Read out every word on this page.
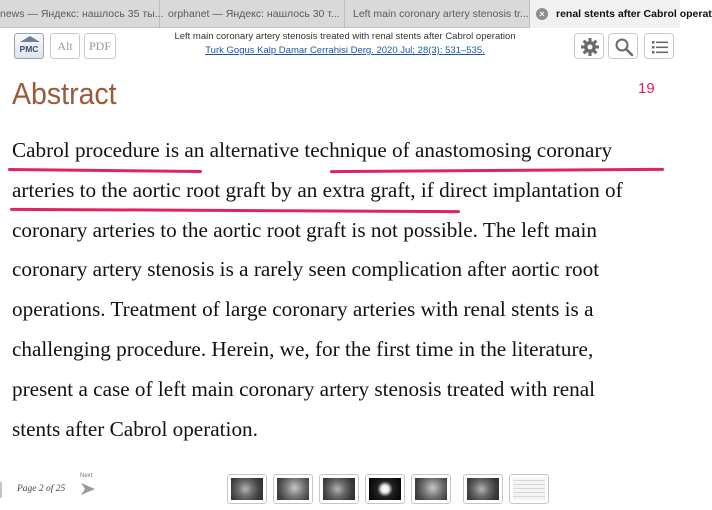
news — Яндекс: нашлось 35 ты... orphanet — Яндекс: нашлось 30 т...	Left main coronary artery stenosis tr...	×	renal stents after Cabrol operat
PMC	Alt	PDF
Left main coronary artery stenosis treated with renal stents after Cabrol operation
Turk Gogus Kalp Damar Cerrahisi Derg. 2020 Jul; 28(3): 531–535.
Abstract	19
Cabrol procedure is an alternative technique of anastomosing coronary
arteries to the aortic root graft by an extra graft, if direct implantation of
coronary arteries to the aortic root graft is not possible. The left main
coronary artery stenosis is a rarely seen complication after aortic root
operations. Treatment of large coronary arteries with renal stents is a
challenging procedure. Herein, we, for the first time in the literature,
present a case of left main coronary artery stenosis treated with renal
stents after Cabrol operation.
Page 2 of 25
Next
